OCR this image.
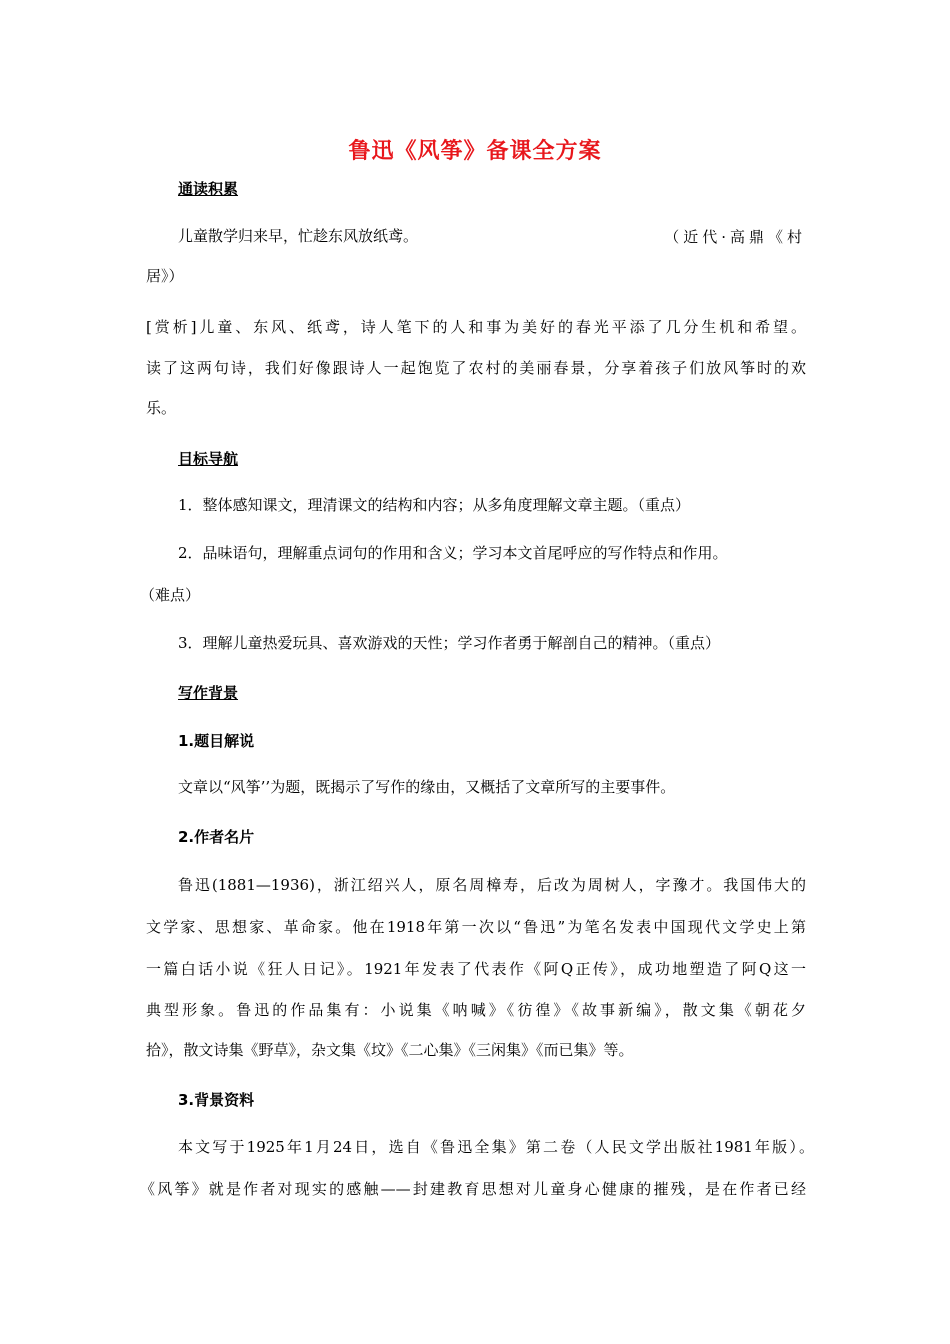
鲁迅《风筝》备课全方案
通读积累
儿童散学归来早，忙趁东风放纸鸢。	（近代·高鼎《村
居》）
[赏析]儿童、东风、纸鸢，诗人笔下的人和事为美好的春光平添了几分生机和希望。
读了这两句诗，我们好像跟诗人一起饱览了农村的美丽春景，分享着孩子们放风筝时的欢
乐。
目标导航
1．整体感知课文，理清课文的结构和内容；从多角度理解文章主题。（重点）
2．品味语句，理解重点词句的作用和含义；学习本文首尾呼应的写作特点和作用。
（难点）
3．理解儿童热爱玩具、喜欢游戏的天性；学习作者勇于解剖自己的精神。（重点）
写作背景
1.题目解说
文章以“风筝’’为题，既揭示了写作的缘由，又概括了文章所写的主要事件。
2.作者名片
鲁迅(1881—1936)，浙江绍兴人，原名周樟寿，后改为周树人，字豫才。我国伟大的
文学家、思想家、革命家。他在1918年第一次以“鲁迅”为笔名发表中国现代文学史上第
一篇白话小说《狂人日记》。1921年发表了代表作《阿Q正传》，成功地塑造了阿Q这一
典型形象。鲁迅的作品集有：小说集《呐喊》《彷徨》《故事新编》，散文集《朝花夕
拾》，散文诗集《野草》，杂文集《坟》《二心集》《三闲集》《而已集》等。
3.背景资料
本文写于1925年1月24日，选自《鲁迅全集》第二卷（人民文学出版社1981年版）。
《风筝》就是作者对现实的感触——封建教育思想对儿童身心健康的摧残，是在作者已经
